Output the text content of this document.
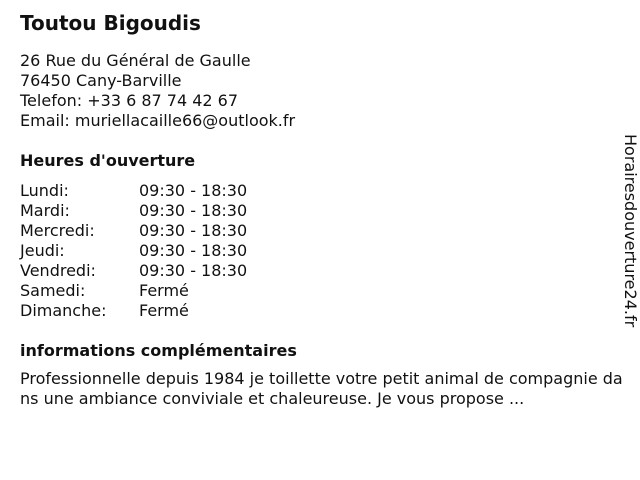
Toutou Bigoudis
26 Rue du Général de Gaulle
76450 Cany-Barville
Telefon: +33 6 87 74 42 67
Email: muriellacaille66@outlook.fr
Heures d'ouverture
Lundi:	09:30 - 18:30
Mardi:	09:30 - 18:30
Mercredi:	09:30 - 18:30
Jeudi:	09:30 - 18:30
Vendredi:	09:30 - 18:30
Samedi:	Fermé
Dimanche:	Fermé
informations complémentaires
Professionnelle depuis 1984 je toillette votre petit animal de compagnie dans une ambiance conviviale et chaleureuse. Je vous propose ...
Horairesdouverture24.fr
